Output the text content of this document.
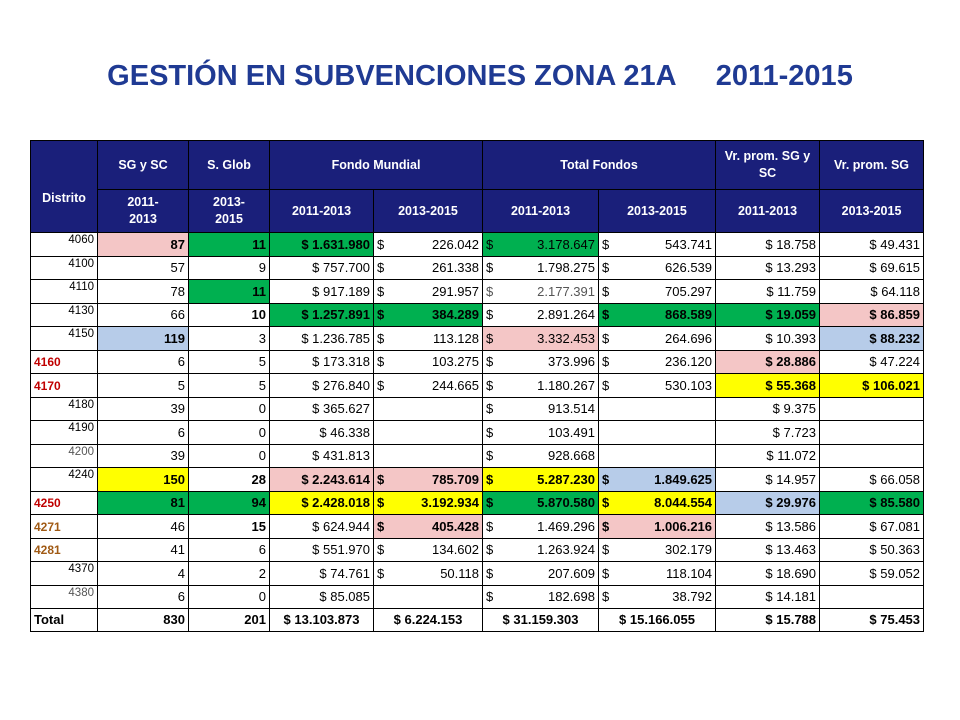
GESTIÓN EN SUBVENCIONES ZONA 21A     2011-2015
Distrito	SG y SC	S. Glob	Fondo Mundial		Total Fondos		Vr. prom. SG y SC	Vr. prom. SG
	2011-
2013	2013-
2015	2011-2013	2013-2015	2011-2013	2013-2015	2011-2013	2013-2015
4060	87	11	$ 1.631.980	$ 226.042	$ 3.178.647	$ 543.741	$ 18.758	$ 49.431
4100	57	9	$ 757.700	$ 261.338	$ 1.798.275	$ 626.539	$ 13.293	$ 69.615
4110	78	11	$ 917.189	$ 291.957	$ 2.177.391	$ 705.297	$ 11.759	$ 64.118
4130	66	10	$ 1.257.891	$ 384.289	$ 2.891.264	$ 868.589	$ 19.059	$ 86.859
4150	119	3	$ 1.236.785	$ 113.128	$ 3.332.453	$ 264.696	$ 10.393	$ 88.232
4160	6	5	$ 173.318	$ 103.275	$ 373.996	$ 236.120	$ 28.886	$ 47.224
4170	5	5	$ 276.840	$ 244.665	$ 1.180.267	$ 530.103	$ 55.368	$ 106.021
4180	39	0	$ 365.627		$ 913.514		$ 9.375	
4190	6	0	$ 46.338		$ 103.491		$ 7.723	
4200	39	0	$ 431.813		$ 928.668		$ 11.072	
4240	150	28	$ 2.243.614	$ 785.709	$ 5.287.230	$ 1.849.625	$ 14.957	$ 66.058
4250	81	94	$ 2.428.018	$ 3.192.934	$ 5.870.580	$ 8.044.554	$ 29.976	$ 85.580
4271	46	15	$ 624.944	$ 405.428	$ 1.469.296	$ 1.006.216	$ 13.586	$ 67.081
4281	41	6	$ 551.970	$ 134.602	$ 1.263.924	$ 302.179	$ 13.463	$ 50.363
4370	4	2	$ 74.761	$ 50.118	$ 207.609	$ 118.104	$ 18.690	$ 59.052
4380	6	0	$ 85.085		$ 182.698	$ 38.792	$ 14.181	
Total	830	201	$ 13.103.873	$ 6.224.153	$ 31.159.303	$ 15.166.055	$ 15.788	$ 75.453
